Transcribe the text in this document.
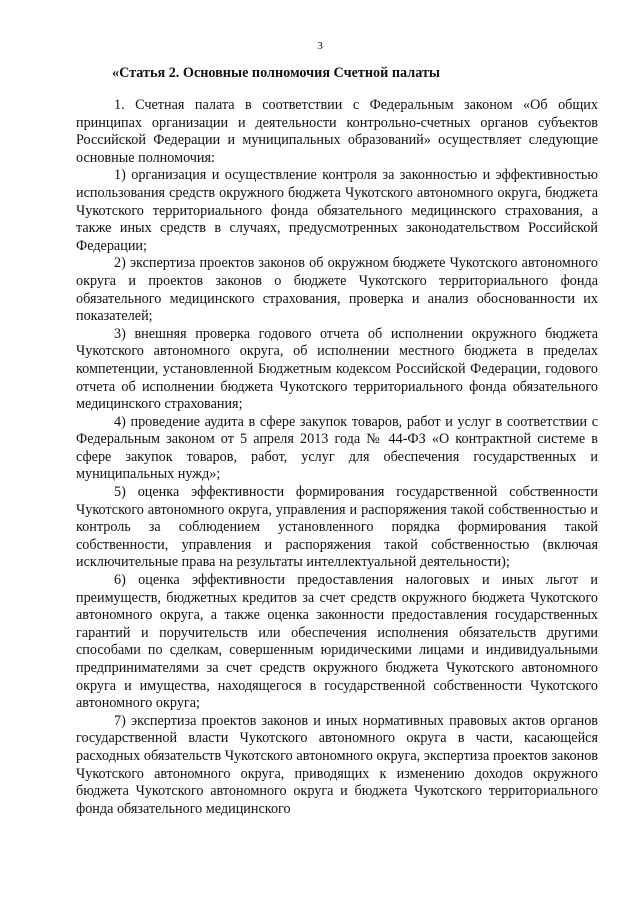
3
«Статья 2. Основные полномочия Счетной палаты

1. Счетная палата в соответствии с Федеральным законом «Об общих принципах организации и деятельности контрольно-счетных органов субъектов Российской Федерации и муниципальных образований» осуществляет следующие основные полномочия:

1) организация и осуществление контроля за законностью и эффективностью использования средств окружного бюджета Чукотского автономного округа, бюджета Чукотского территориального фонда обязательного медицинского страхования, а также иных средств в случаях, предусмотренных законодательством Российской Федерации;

2) экспертиза проектов законов об окружном бюджете Чукотского автономного округа и проектов законов о бюджете Чукотского территориального фонда обязательного медицинского страхования, проверка и анализ обоснованности их показателей;

3) внешняя проверка годового отчета об исполнении окружного бюджета Чукотского автономного округа, об исполнении местного бюджета в пределах компетенции, установленной Бюджетным кодексом Российской Федерации, годового отчета об исполнении бюджета Чукотского территориального фонда обязательного медицинского страхования;

4) проведение аудита в сфере закупок товаров, работ и услуг в соответствии с Федеральным законом от 5 апреля 2013 года № 44-ФЗ «О контрактной системе в сфере закупок товаров, работ, услуг для обеспечения государственных и муниципальных нужд»;

5) оценка эффективности формирования государственной собственности Чукотского автономного округа, управления и распоряжения такой собственностью и контроль за соблюдением установленного порядка формирования такой собственности, управления и распоряжения такой собственностью (включая исключительные права на результаты интеллектуальной деятельности);

6) оценка эффективности предоставления налоговых и иных льгот и преимуществ, бюджетных кредитов за счет средств окружного бюджета Чукотского автономного округа, а также оценка законности предоставления государственных гарантий и поручительств или обеспечения исполнения обязательств другими способами по сделкам, совершенным юридическими лицами и индивидуальными предпринимателями за счет средств окружного бюджета Чукотского автономного округа и имущества, находящегося в государственной собственности Чукотского автономного округа;

7) экспертиза проектов законов и иных нормативных правовых актов органов государственной власти Чукотского автономного округа в части, касающейся расходных обязательств Чукотского автономного округа, экспертиза проектов законов Чукотского автономного округа, приводящих к изменению доходов окружного бюджета Чукотского автономного округа и бюджета Чукотского территориального фонда обязательного медицинского
